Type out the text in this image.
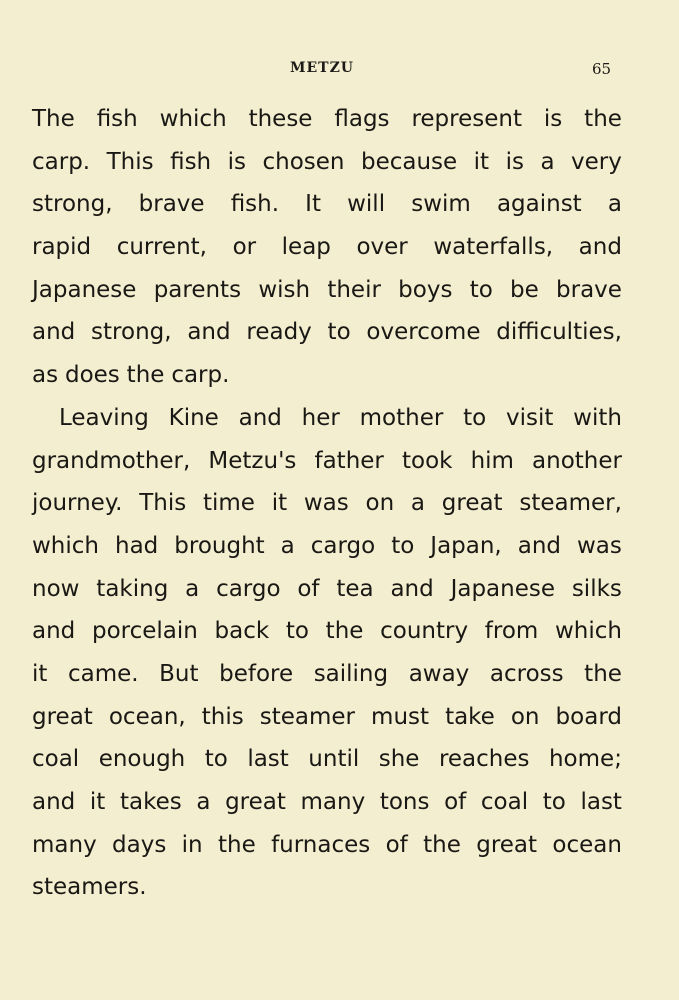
METZU	65
The fish which these flags represent is the
carp. This fish is chosen because it is a very
strong, brave fish. It will swim against a
rapid current, or leap over waterfalls, and
Japanese parents wish their boys to be brave
and strong, and ready to overcome difficulties,
as does the carp.
Leaving Kine and her mother to visit with
grandmother, Metzu's father took him another
journey. This time it was on a great steamer,
which had brought a cargo to Japan, and was
now taking a cargo of tea and Japanese silks
and porcelain back to the country from which
it came. But before sailing away across the
great ocean, this steamer must take on board
coal enough to last until she reaches home;
and it takes a great many tons of coal to last
many days in the furnaces of the great ocean
steamers.
